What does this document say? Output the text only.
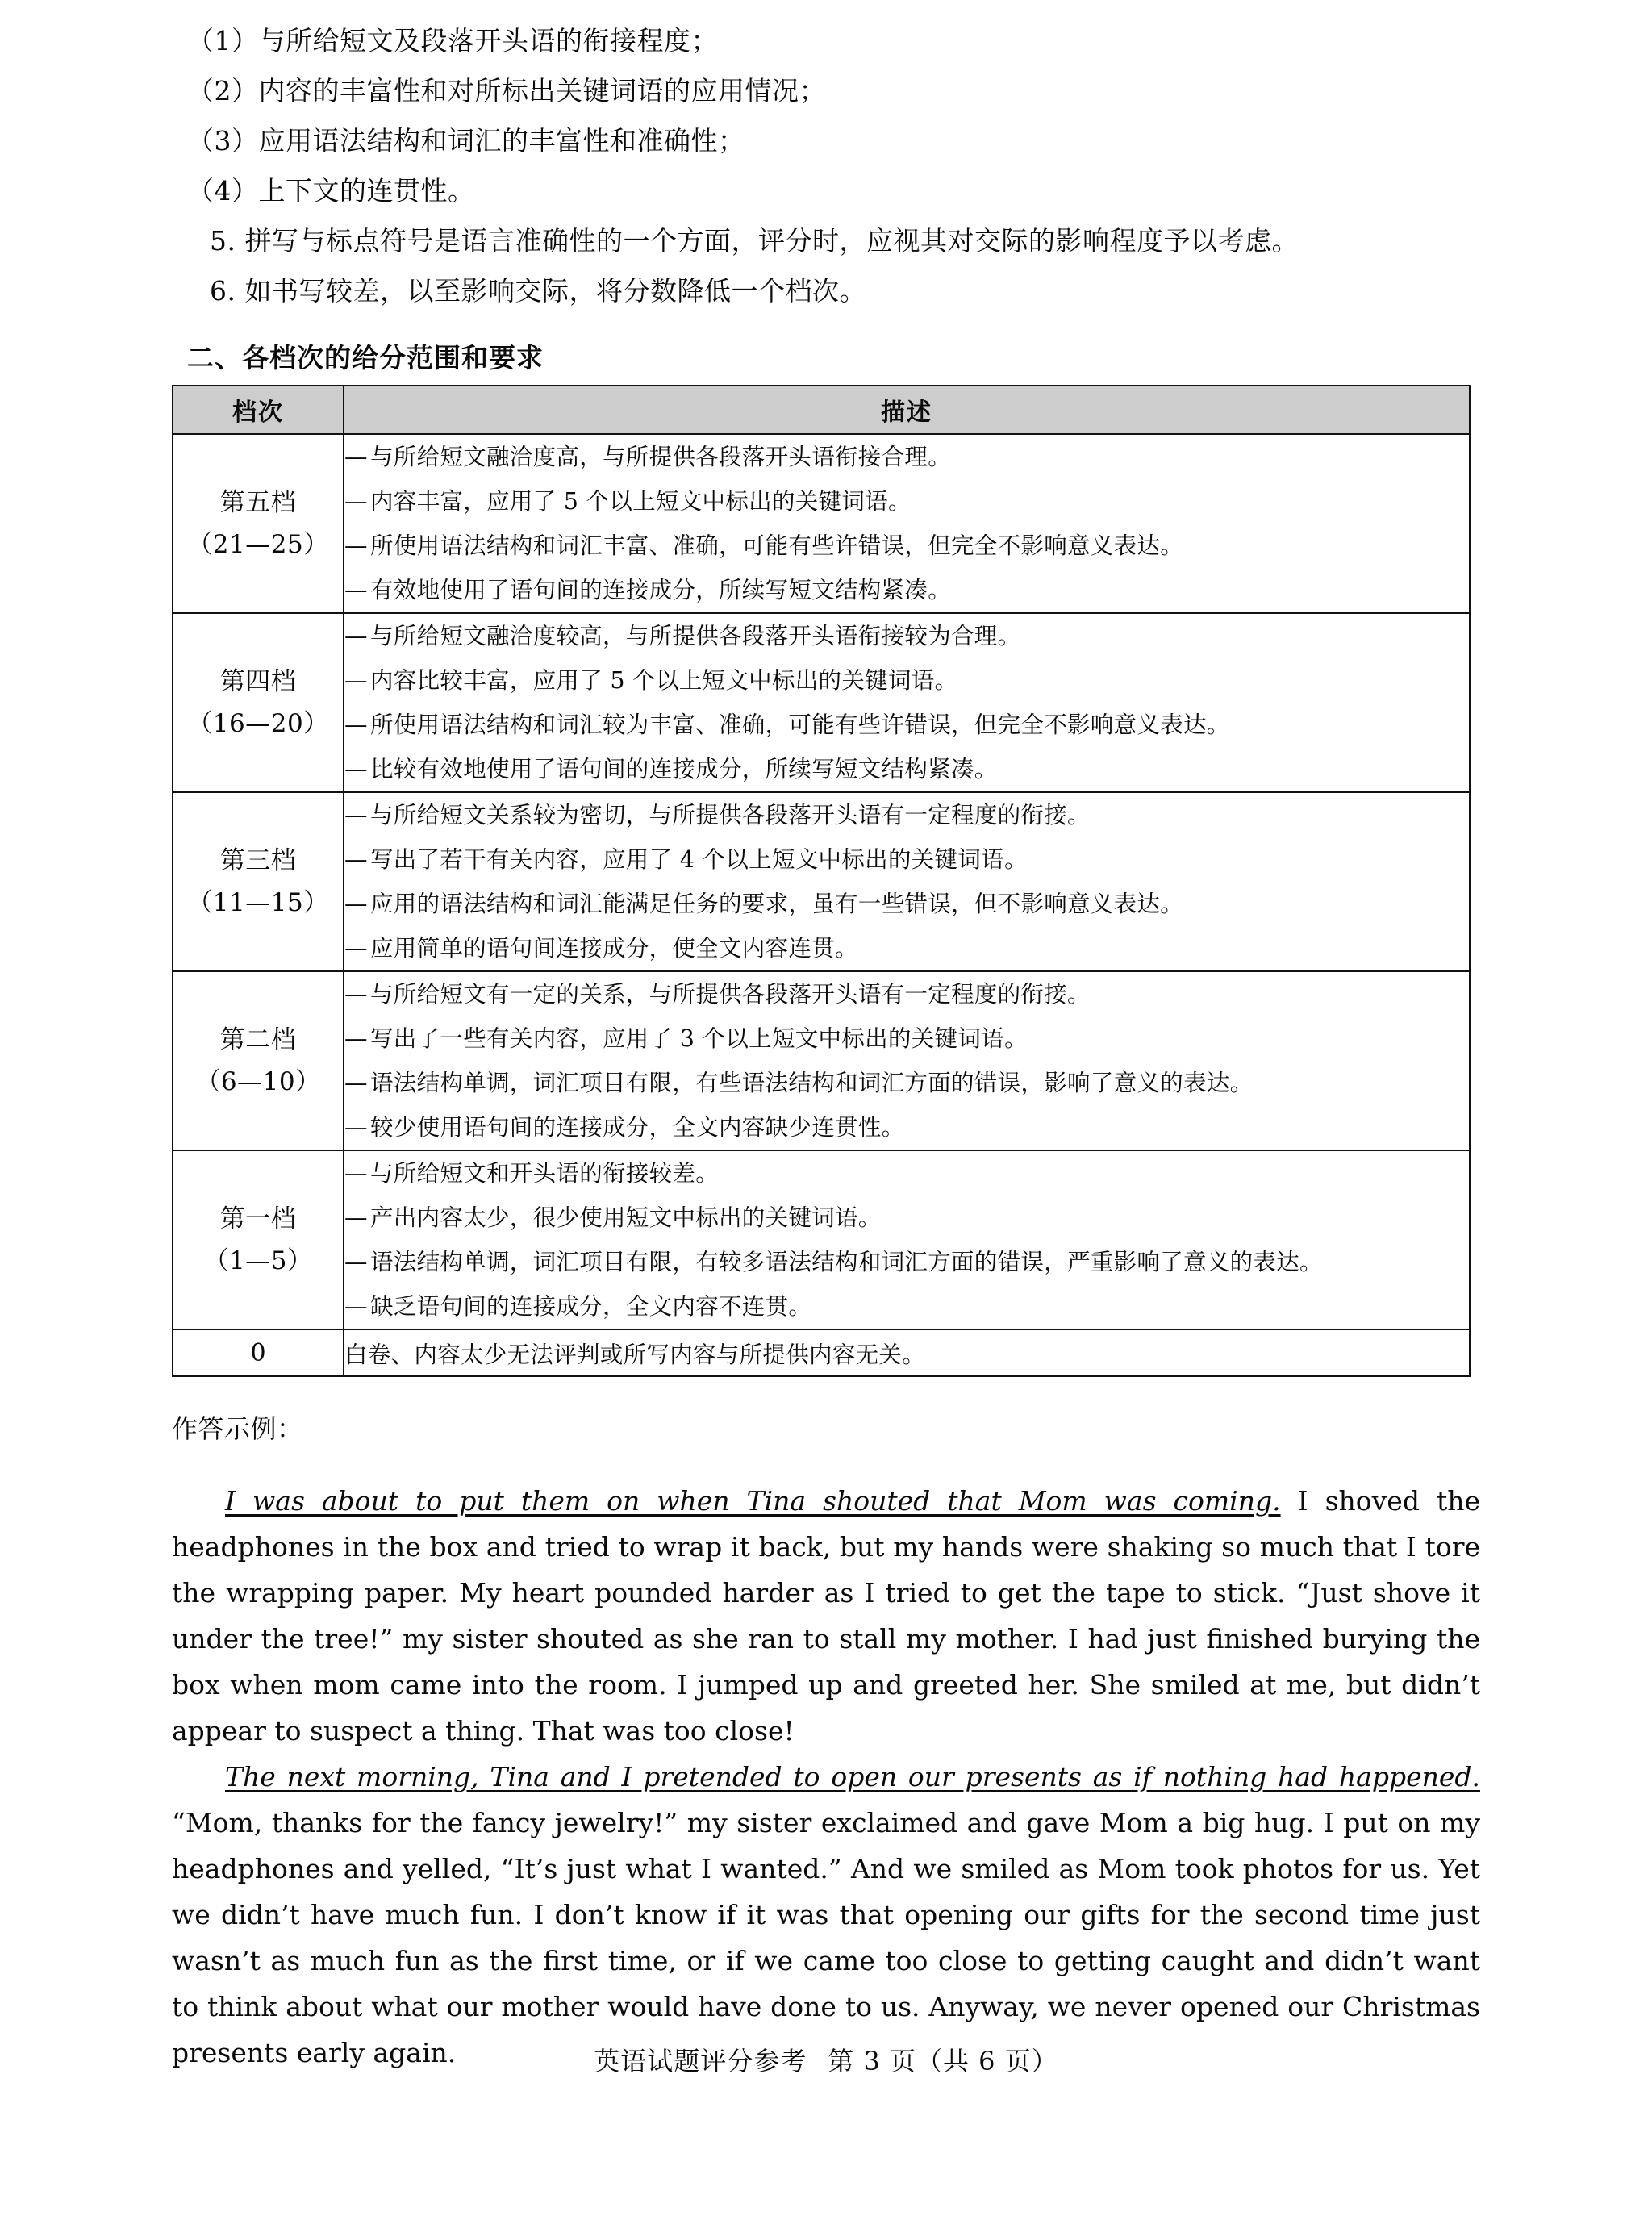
（1）与所给短文及段落开头语的衔接程度；
（2）内容的丰富性和对所标出关键词语的应用情况；
（3）应用语法结构和词汇的丰富性和准确性；
（4）上下文的连贯性。
5. 拼写与标点符号是语言准确性的一个方面，评分时，应视其对交际的影响程度予以考虑。
6. 如书写较差，以至影响交际，将分数降低一个档次。
二、各档次的给分范围和要求
档次	描述

第五档
（21—25）

— 与所给短文融洽度高，与所提供各段落开头语衔接合理。
— 内容丰富，应用了 5 个以上短文中标出的关键词语。
— 所使用语法结构和词汇丰富、准确，可能有些许错误，但完全不影响意义表达。
— 有效地使用了语句间的连接成分，所续写短文结构紧凑。

第四档
（16—20）

— 与所给短文融洽度较高，与所提供各段落开头语衔接较为合理。
— 内容比较丰富，应用了 5 个以上短文中标出的关键词语。
— 所使用语法结构和词汇较为丰富、准确，可能有些许错误，但完全不影响意义表达。
— 比较有效地使用了语句间的连接成分，所续写短文结构紧凑。

第三档
（11—15）

— 与所给短文关系较为密切，与所提供各段落开头语有一定程度的衔接。
— 写出了若干有关内容，应用了 4 个以上短文中标出的关键词语。
— 应用的语法结构和词汇能满足任务的要求，虽有一些错误，但不影响意义表达。
— 应用简单的语句间连接成分，使全文内容连贯。

第二档
（6—10）

— 与所给短文有一定的关系，与所提供各段落开头语有一定程度的衔接。
— 写出了一些有关内容，应用了 3 个以上短文中标出的关键词语。
— 语法结构单调，词汇项目有限，有些语法结构和词汇方面的错误，影响了意义的表达。
— 较少使用语句间的连接成分，全文内容缺少连贯性。

第一档
（1—5）

— 与所给短文和开头语的衔接较差。
— 产出内容太少，很少使用短文中标出的关键词语。
— 语法结构单调，词汇项目有限，有较多语法结构和词汇方面的错误，严重影响了意义的表达。
— 缺乏语句间的连接成分，全文内容不连贯。

0	白卷、内容太少无法评判或所写内容与所提供内容无关。
作答示例：

I was about to put them on when Tina shouted that Mom was coming. I shoved the headphones in the box and tried to wrap it back, but my hands were shaking so much that I tore the wrapping paper. My heart pounded harder as I tried to get the tape to stick. “Just shove it under the tree!” my sister shouted as she ran to stall my mother. I had just finished burying the box when mom came into the room. I jumped up and greeted her. She smiled at me, but didn’t appear to suspect a thing. That was too close!

The next morning, Tina and I pretended to open our presents as if nothing had happened. “Mom, thanks for the fancy jewelry!” my sister exclaimed and gave Mom a big hug. I put on my headphones and yelled, “It’s just what I wanted.” And we smiled as Mom took photos for us. Yet we didn’t have much fun. I don’t know if it was that opening our gifts for the second time just wasn’t as much fun as the first time, or if we came too close to getting caught and didn’t want to think about what our mother would have done to us. Anyway, we never opened our Christmas presents early again.	英语试题评分参考 第 3 页（共 6 页）
